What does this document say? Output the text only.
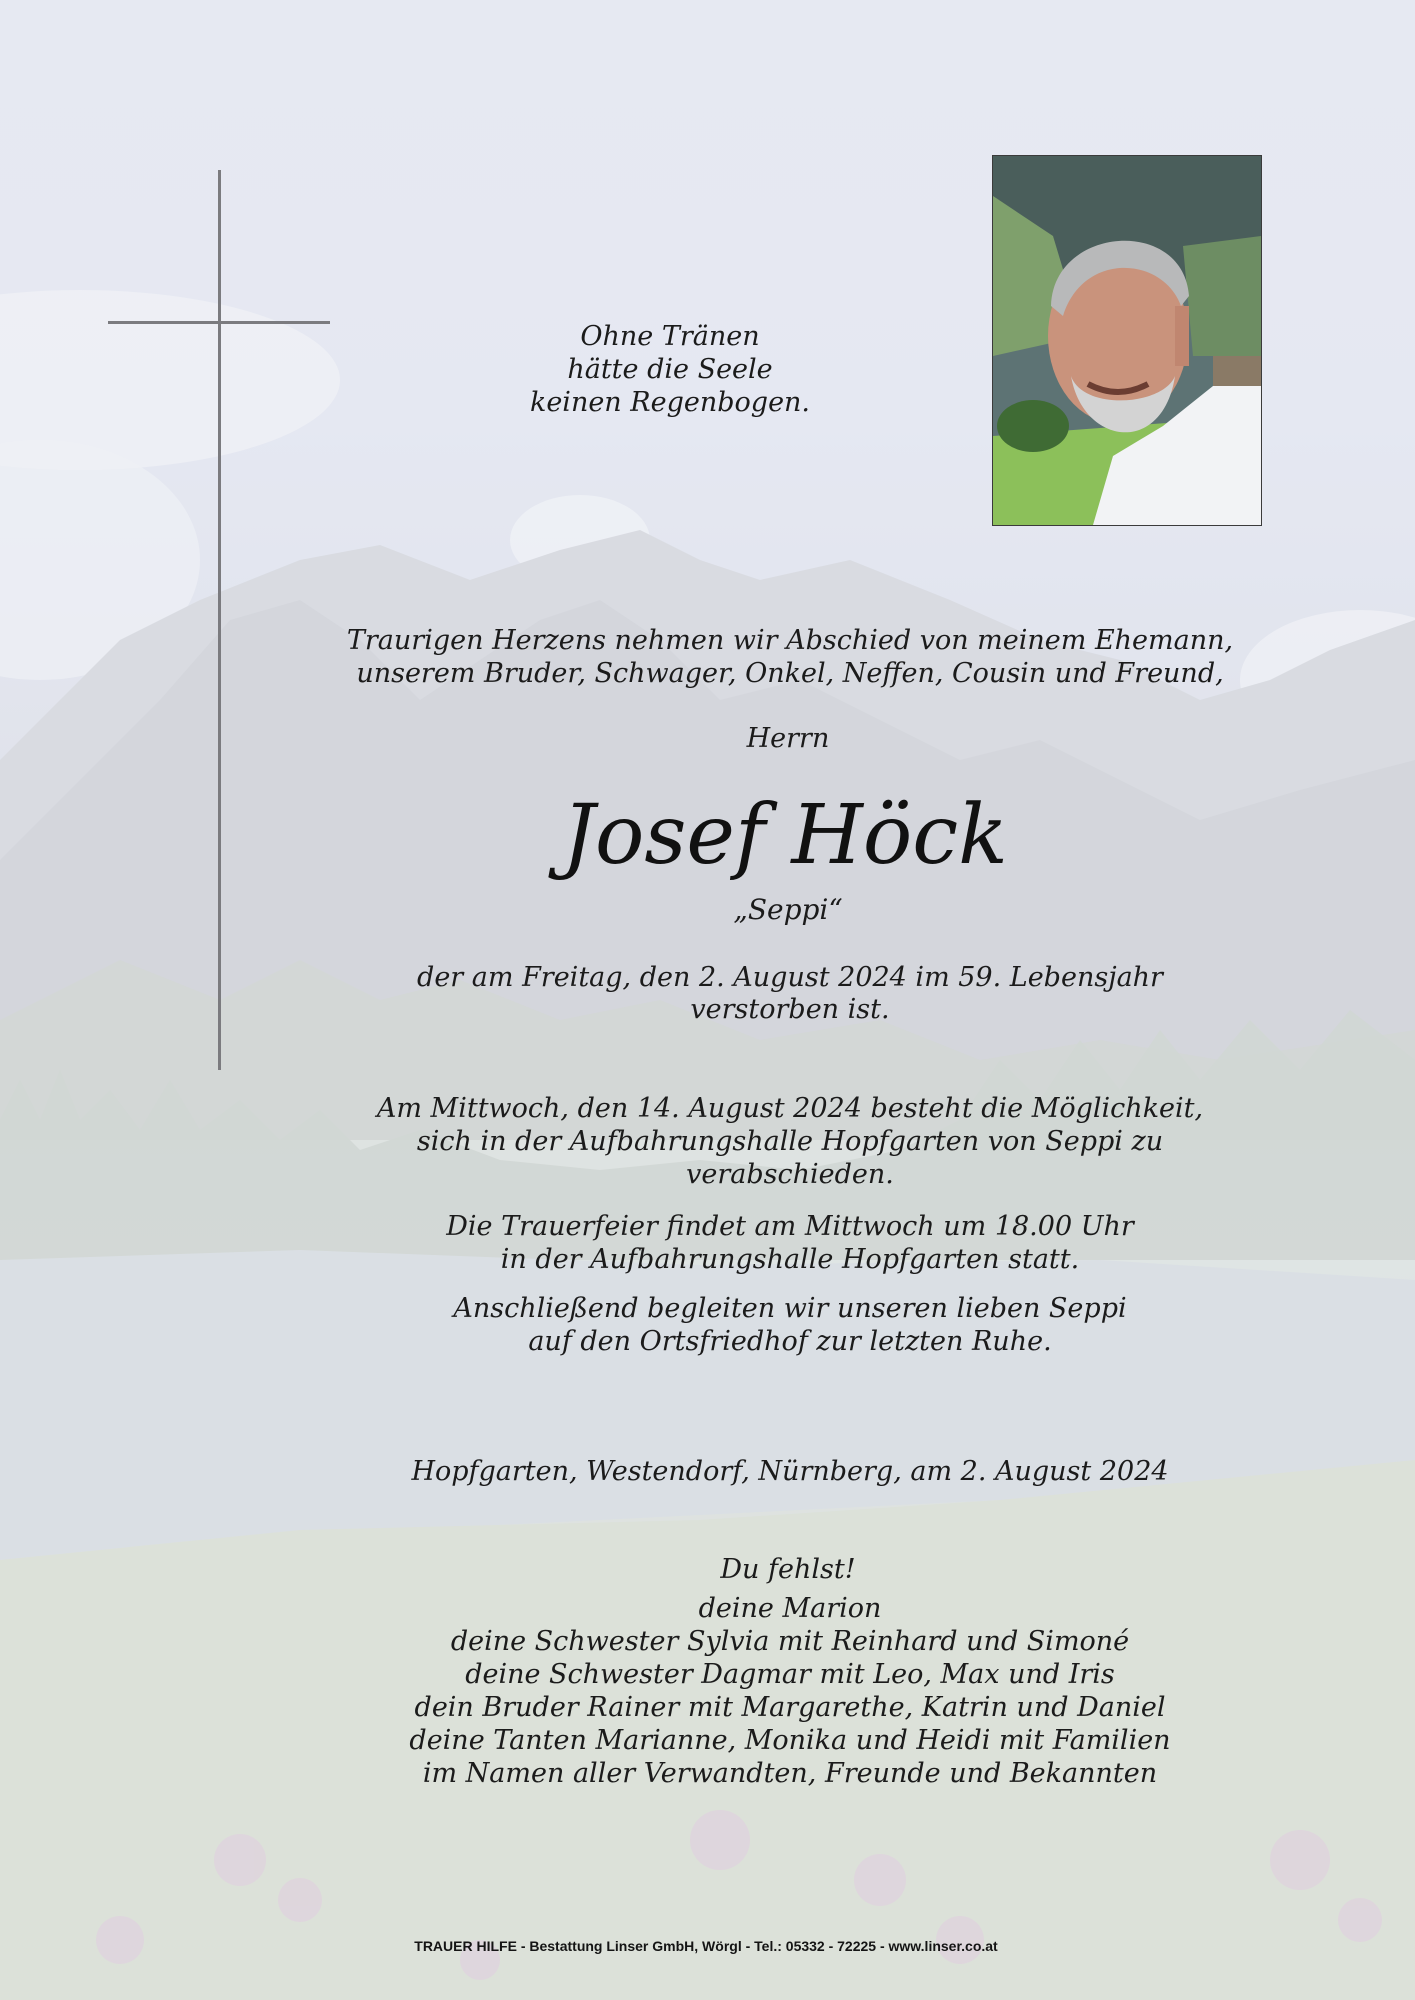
Ohne Tränen
hätte die Seele
keinen Regenbogen.
Traurigen Herzens nehmen wir Abschied von meinem Ehemann,
unserem Bruder, Schwager, Onkel, Neffen, Cousin und Freund,
Herrn
Josef Höck
„Seppi“
der am Freitag, den 2. August 2024 im 59. Lebensjahr
verstorben ist.
Am Mittwoch, den 14. August 2024 besteht die Möglichkeit,
sich in der Aufbahrungshalle Hopfgarten von Seppi zu
verabschieden.
Die Trauerfeier findet am Mittwoch um 18.00 Uhr
in der Aufbahrungshalle Hopfgarten statt.
Anschließend begleiten wir unseren lieben Seppi
auf den Ortsfriedhof zur letzten Ruhe.
Hopfgarten, Westendorf, Nürnberg, am 2. August 2024
Du fehlst!
deine Marion
deine Schwester Sylvia mit Reinhard und Simoné
deine Schwester Dagmar mit Leo, Max und Iris
dein Bruder Rainer mit Margarethe, Katrin und Daniel
deine Tanten Marianne, Monika und Heidi mit Familien
im Namen aller Verwandten, Freunde und Bekannten
TRAUER HILFE - Bestattung Linser GmbH, Wörgl - Tel.: 05332 - 72225 - www.linser.co.at
